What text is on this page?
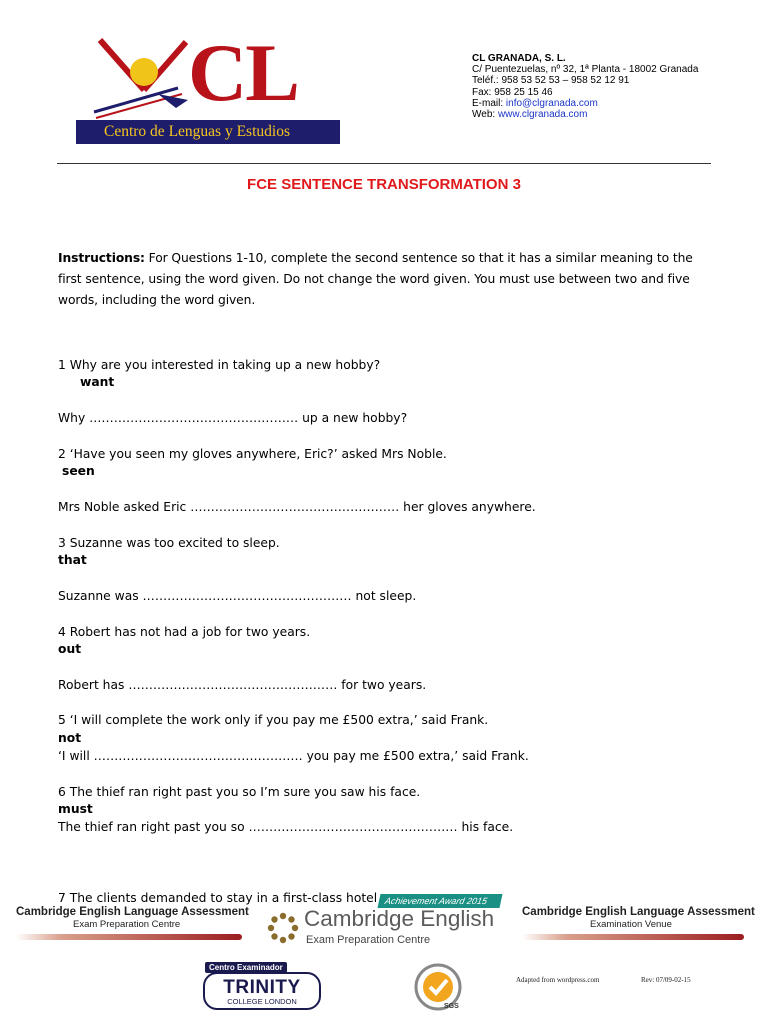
CL
Centro de Lenguas y Estudios
CL GRANADA, S. L.
C/ Puentezuelas, nº 32, 1ª Planta - 18002 Granada
Teléf.: 958 53 52 53 – 958 52 12 91
Fax: 958 25 15 46
E-mail: info@clgranada.com
Web: www.clgranada.com
FCE SENTENCE TRANSFORMATION 3

Instructions: For Questions 1-10, complete the second sentence so that it has a similar meaning to the first sentence, using the word given. Do not change the word given. You must use between two and five words, including the word given.

1 Why are you interested in taking up a new hobby?
want
Why …………………………………………… up a new hobby?
2 ‘Have you seen my gloves anywhere, Eric?’ asked Mrs Noble.
seen
Mrs Noble asked Eric …………………………………………… her gloves anywhere.
3 Suzanne was too excited to sleep.
that
Suzanne was …………………………………………… not sleep.
4 Robert has not had a job for two years.
out
Robert has …………………………………………… for two years.
5 ‘I will complete the work only if you pay me £500 extra,’ said Frank.
not
‘I will …………………………………………… you pay me £500 extra,’ said Frank.
6 The thief ran right past you so I’m sure you saw his face.
must
The thief ran right past you so …………………………………………… his face.
7 The clients demanded to stay in a first-class hotel
Cambridge English Language Assessment
Exam Preparation Centre
Achievement Award 2015
Cambridge English
Exam Preparation Centre
Cambridge English Language Assessment
Examination Venue
TRINITY
COLLEGE LONDON
Centro Examinador
SGS
Adapted from wordpress.com	Rev: 07/09-02-15
